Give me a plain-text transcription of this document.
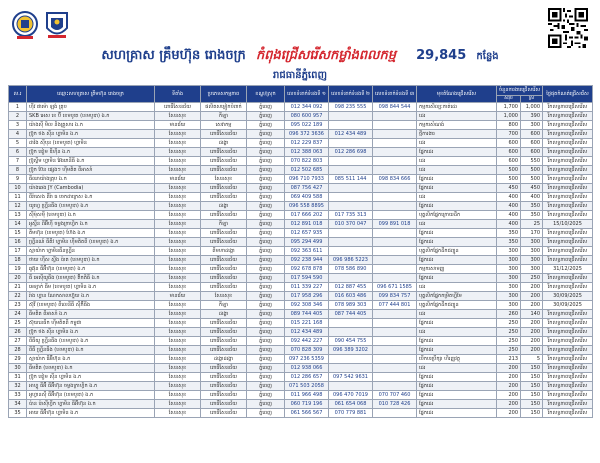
សហគ្រាស គ្រឹមហ៊ុន រោងចក្រ កំពុងជ្រើសរើសកម្លាំងពលកម្ម 29,845 កន្លែង
រាជធានីភ្នំពេញ
ល.រ	ឈ្មោះសហគ្រាស គ្រឹមហ៊ុន រោងចក្រ	ទីតាំង	ប្រភេទសកម្មភាព	ខណ្ឌ/ស្រុក	លេខទំនាក់ទំនងទី ១	លេខទំនាក់ទំនងទី ២	លេខទំនាក់ទំនងទី ៣	មុខតំណែងជ្រើសរើស	ចំនួនការងារជ្រើសរើស		ថ្ងៃផុតកំណត់ជ្រើសរើស
									សរុប	ស្រី	
1	ហ៊ីវ ផារម៉ា ឡង់ គ្រុប	ពោធិ៍សែនជ័យ	ផលិតសម្លៀកបំពាក់	ភ្នំពេញ	012 344 092	098 235 555	098 844 544	កម្មករសិល្បៈកាត់ដេរ	1,700	1,000	រីកលទ្ធភាពជ្រើសរើស
2	SKB អេស ខេ ប៊ី ខេមបូឌា (ខេមបូឌា) ឯ.ក	សែនសុខ	កីឡា	ភ្នំពេញ	080 600 957			ដេរ	1,000	390	រីកលទ្ធភាពជ្រើសរើស
3	យ៉ាងស៊ី មិល និងគ្រួសារ ឯ.ក	មានជ័យ	សេវាកម្ម	ភ្នំពេញ	095 022 189			កម្មករសំណង់	800	300	រីកលទ្ធភាពជ្រើសរើស
4	ប្រ៊ូក ថង ស៊ីន ហ្គាមិន ឯ.ក	សែនសុខ	ពោធិ៍សែនជ័យ	ភ្នំពេញ	096 372 3636	012 434 489		ថ្មីការងារ	700	600	រីកលទ្ធភាពជ្រើសរើស
5	ដាវ៉ង ស៊ីបុន (ខេមបូឌា) ហ្គាមិន	សែនសុខ	ដង្កោ	ភ្នំពេញ	012 229 837			ដេរ	600	600	រីកលទ្ធភាពជ្រើសរើស
6	ប្រ៊ូក ឌៀម ឌីហ៊ីន ឯ.ក	សែនសុខ	ពោធិ៍សែនជ័យ	ភ្នំពេញ	012 388 063	012 286 698		ផ្នែកដេរ	600	600	រីកលទ្ធភាពជ្រើសរើស
7	ប៊្រូស្គីម ហ្គាមិន អ៊ែរភេនីធី ឯ.ក	សែនសុខ	ពោធិ៍សែនជ័យ	ភ្នំពេញ	070 822 803			ដេរ	600	550	រីកលទ្ធភាពជ្រើសរើស
8	ប្រ៊ូក ប៊ែន ផ្សេងៗ ហ៊ីមគិត ពីអាសាំ	សែនសុខ	ពោធិ៍សែនជ័យ	ភ្នំពេញ	012 502 685			ដេរ	500	500	រីកលទ្ធភាពជ្រើសរើស
9	ធីឈាយ៉ាងគ្រុប ឯ.ក	មានជ័យ	សែនសុខ	ភ្នំពេញ	096 710 7933	085 511 144	098 834 666	ផ្នែកដេរ	500	500	រីកលទ្ធភាពជ្រើសរើស
10	យ៉ាងឆេង JY (Cambodia)	សែនសុខ	ពោធិ៍សែនជ័យ	ភ្នំពេញ	087 756 427			ផ្នែកដេរ	450	450	រីកលទ្ធភាពជ្រើសរើស
11	ពីរ៉ាសេង ពីរ៉ា ធ ចេកដាក្រេស ឯ.ក	សែនសុខ	ពោធិ៍សែនជ័យ	ភ្នំពេញ	069 409 588			ដេរ	400	400	រីកលទ្ធភាពជ្រើសរើស
12	យូហ្វេ ហ្គ្រីនធីង (ខេមបូឌា) ឯ.ក	សែនសុខ	ដង្កោ	ភ្នំពេញ	096 558 8895			ផ្នែកដេរ	400	350	រីកលទ្ធភាពជ្រើសរើស
13	ស៊ីម៉ុសម៉ី (ខេមបូឌា) ឯ.ក	សែនសុខ	ពោធិ៍សែនជ័យ	ភ្នំពេញ	017 666 202	017 735 313		បុគ្គលិកផ្នែកក្រោយដឹក	400	350	រីកលទ្ធភាពជ្រើសរើស
14	អូស្ទីន ពីអ៊ីហ៊ី ចម្លងក្រាហ្វិក ឯ.ក	សែនសុខ	កីឡា	ភ្នំពេញ	012 891 018	010 370 047	099 891 018	ដេរ	400	25	15/10/2025
15	គឹមហ៊ុន (ខេមបូឌា) ហ៊ែង ឯ.ក	សែនសុខ	ពោធិ៍សែនជ័យ	ភ្នំពេញ	012 657 935			ផ្នែកដេរ	350	170	រីកលទ្ធភាពជ្រើសរើស
16	ហ្គ្រីនណ៍ ធីគីវ ហ្គាមិន ហ៊ីមគិតពី (ខេមបូឌា) ឯ.ក	សែនសុខ	ពោធិ៍សែនជ័យ	ភ្នំពេញ	095 294 499			ផ្នែកដេរ	350	300	រីកលទ្ធភាពជ្រើសរើស
17	ស្មាយ៉ាក ហ្គាមិនធីនហ្គ្រីន	សែនសុខ	ពីមហាដង្កោ	ភ្នំពេញ	092 363 611			បុគ្គលិកផ្នែកដឹកជញ្ជូន	300	300	រីកលទ្ធភាពជ្រើសរើស
18	ថាយ ហ៊ីស ស្វីង ប៉ាត (ខេមបូឌា) ឯ.ក	សែនសុខ	ពោធិ៍សែនជ័យ	ភ្នំពេញ	092 238 944	096 986 5223		ផ្នែកដេរ	300	300	រីកលទ្ធភាពជ្រើសរើស
19	ឆូឆ៊ុន ធីអ៊ីហ៊ុន (ខេមបូឌា) ឯ.ក	សែនសុខ	ពោធិ៍សែនជ័យ	ភ្នំពេញ	092 678 878	078 586 890		កម្មករសាមញ្ញ	300	300	31/12/2025
20	ធី អេស៊ីយូធីង (ខេមបូឌា) ត៊ិកតិធី ឯ.ក	សែនសុខ	ពោធិ៍សែនជ័យ	ភ្នំពេញ	017 594 590			ផ្នែកដេរ	300	250	រីកលទ្ធភាពជ្រើសរើស
21	អេទ្យាក់ ធីម (ខេមបូឌា) ហ្គាមិន ឯ.ក	សែនសុខ	ពោធិ៍សែនជ័យ	ភ្នំពេញ	011 339 227	012 887 455	096 671 1585	ដេរ	300	200	រីកលទ្ធភាពជ្រើសរើស
22	រ៉ាង ហ្គាន ណែកសាលហ្វ៊ុយ ឯ.ក	មានជ័យ	សែនសុខ	ភ្នំពេញ	017 958 296	016 603 486	099 834 757	បុគ្គលិកផ្នែកកម្រិតហ្គីមែ	300	200	30/09/2025
23	ស៊ុវី (ខេមបូឌា) ពីលេនីធី ស៊ីភ៊ីធីង	សែនសុខ	កីឡា	ភ្នំពេញ	092 308 346	078 989 303	077 444 801	បុគ្គលិកផ្នែកដឹកជញ្ជូន	300	200	30/09/2025
24	ធីមគិត ពីអាសាំ ឯ.ក	សែនសុខ	ដង្កោ	ភ្នំពេញ	089 744 405	087 744 405		ដេរ	260	140	រីកលទ្ធភាពជ្រើសរើស
25	ស៊ុយនេធីក ហ៊ីមគិតពី កម្ពុជា	សែនសុខ	ពោធិ៍សែនជ័យ	ភ្នំពេញ	015 221 168			ផ្នែកដេរ	250	200	រីកលទ្ធភាពជ្រើសរើស
26	ប្រ៊ូក ថង ស៊ីន ហ្គាមិន ឯ.ក	សែនសុខ	ពោធិ៍សែនជ័យ	ភ្នំពេញ	012 434 489			ដេរ	250	200	រីកលទ្ធភាពជ្រើសរើស
27	ពីធីយូ ហ្គ្រីនធីង (ខេមបូឌា) ឯ.ក	សែនសុខ	ពោធិ៍សែនជ័យ	ភ្នំពេញ	092 442 227	090 454 755		ផ្នែកដេរ	250	200	រីកលទ្ធភាពជ្រើសរើស
28	ពីធី ហ្គ្រីនធីង (ខេមបូឌា) ឯ.ក	សែនសុខ	ពោធិ៍សែនជ័យ	ភ្នំពេញ	070 828 309	096 389 3202		ផ្នែកដេរ	250	200	រីកលទ្ធភាពជ្រើសរើស
29	ស្មាយ៉ាក ធីអ៊ីហ៊ុន ឯ.ក	សែនសុខ	ដង្កោដង្កោ	ភ្នំពេញ	097 236 5359			បើកបរប្រឹក្សា ហិរញ្ញវត្ថុ	213	5	រីកលទ្ធភាពជ្រើសរើស
30	ធីមគិត (ខេមបូឌា) ឯ.ក	សែនសុខ	ពោធិ៍សែនជ័យ	ភ្នំពេញ	012 938 066			ដេរ	200	150	រីកលទ្ធភាពជ្រើសរើស
31	ប្រ៊ូក ឌៀម ស៊ីន ហ្គាមិន ឯ.ក	សែនសុខ	ពោធិ៍សែនជ័យ	ភ្នំពេញ	012 286 657	097 542 9631		ផ្នែកដេរ	200	150	រីកលទ្ធភាពជ្រើសរើស
32	អាហ្គូ ធីអ៊ី ធីអ៊ីហ៊ុន ចម្លងក្រាហ្វិក ឯ.ក	សែនសុខ	ពោធិ៍សែនជ័យ	ភ្នំពេញ	071 503 2058			ផ្នែកដេរ	200	150	រីកលទ្ធភាពជ្រើសរើស
33	អូហ្វានស៊ី ធីអ៊ីហ៊ុន (ខេមបូឌា) ឯ.ក	សែនសុខ	ពោធិ៍សែនជ័យ	ភ្នំពេញ	011 966 498	096 470 7019	070 707 460	ផ្នែកដេរ	200	150	រីកលទ្ធភាពជ្រើសរើស
34	ប៉ាន ប៉ាស៊ីហ្វីក ហ្គាមិន ធីអ៊ីហ៊ុន ឯ.ក	សែនសុខ	ពោធិ៍សែនជ័យ	ភ្នំពេញ	060 719 196	061 654 068	010 728 426	ផ្នែកដេរ	200	150	រីកលទ្ធភាពជ្រើសរើស
35	អាយ ធីអ៊ីហ៊ុន ហ្គាមិន ឯ.ក	សែនសុខ	ពោធិ៍សែនជ័យ	ភ្នំពេញ	061 566 567	070 779 881		ផ្នែកដេរ	200	150	រីកលទ្ធភាពជ្រើសរើស
